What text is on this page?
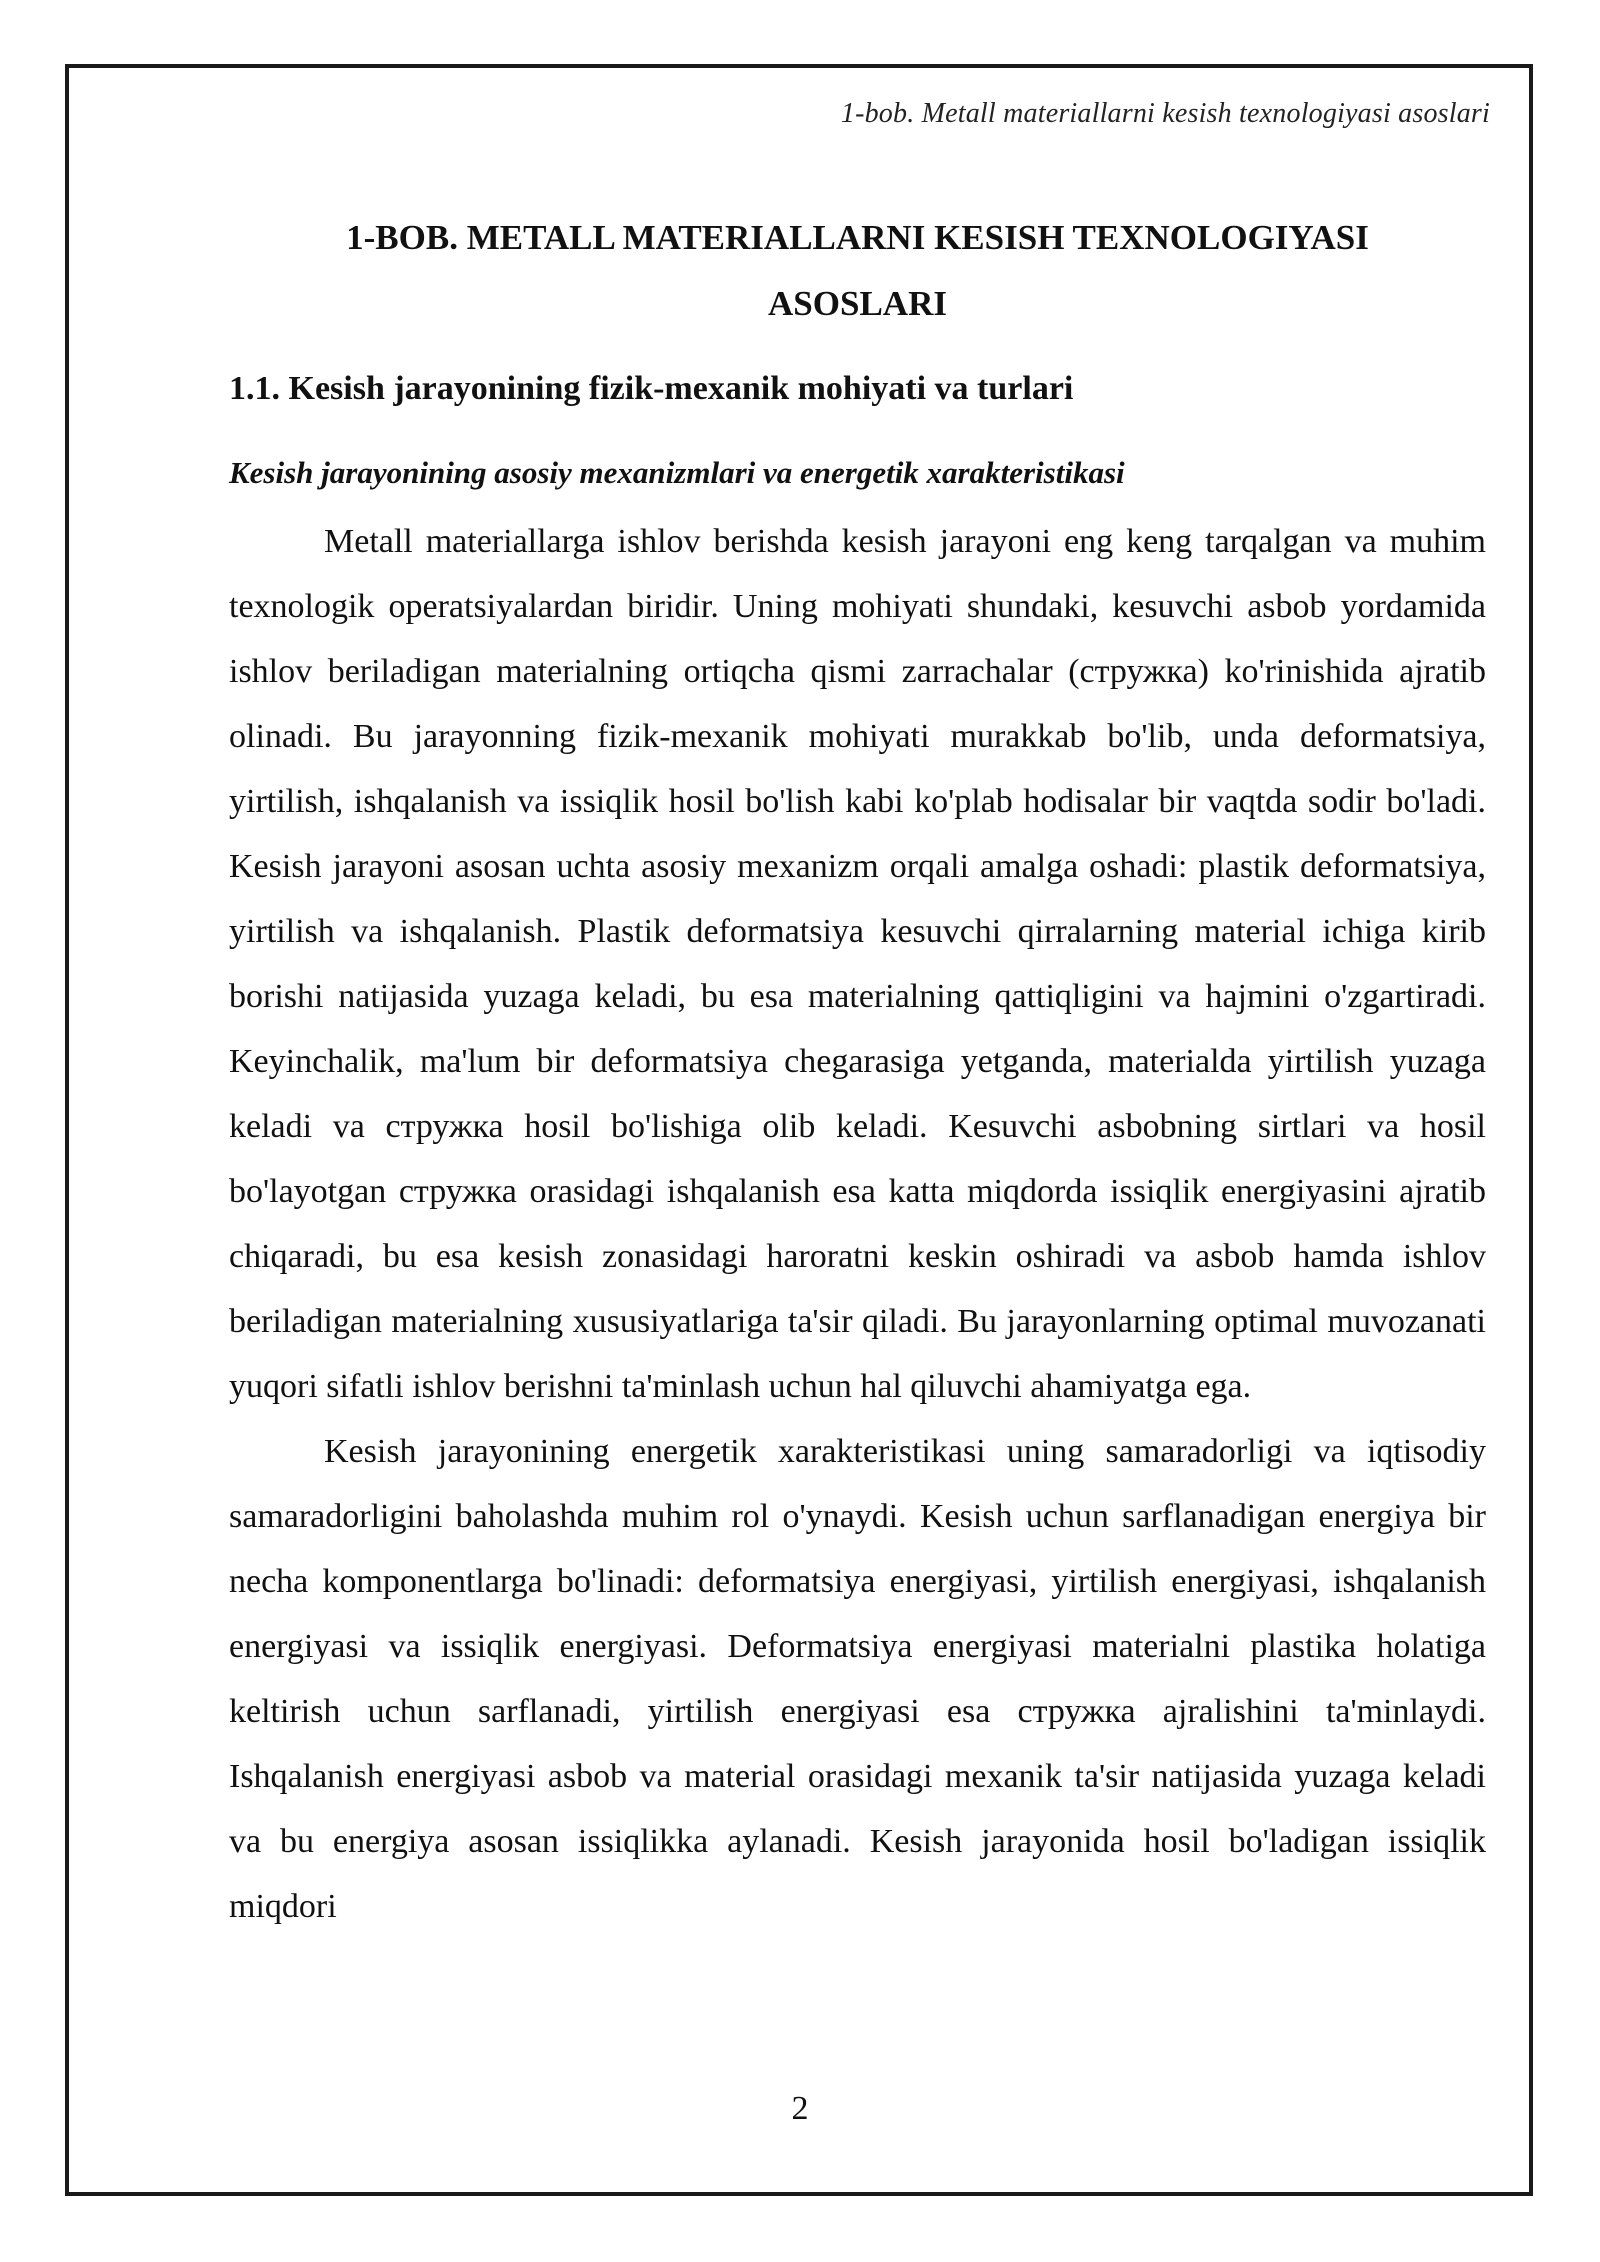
1-bob. Metall materiallarni kesish texnologiyasi asoslari
1-BOB. METALL MATERIALLARNI KESISH TEXNOLOGIYASI ASOSLARI
1.1. Kesish jarayonining fizik-mexanik mohiyati va turlari
Kesish jarayonining asosiy mexanizmlari va energetik xarakteristikasi

Metall materiallarga ishlov berishda kesish jarayoni eng keng tarqalgan va muhim texnologik operatsiyalardan biridir. Uning mohiyati shundaki, kesuvchi asbob yordamida ishlov beriladigan materialning ortiqcha qismi zarrachalar (стружка) ko'rinishida ajratib olinadi. Bu jarayonning fizik-mexanik mohiyati murakkab bo'lib, unda deformatsiya, yirtilish, ishqalanish va issiqlik hosil bo'lish kabi ko'plab hodisalar bir vaqtda sodir bo'ladi. Kesish jarayoni asosan uchta asosiy mexanizm orqali amalga oshadi: plastik deformatsiya, yirtilish va ishqalanish. Plastik deformatsiya kesuvchi qirralarning material ichiga kirib borishi natijasida yuzaga keladi, bu esa materialning qattiqligini va hajmini o'zgartiradi. Keyinchalik, ma'lum bir deformatsiya chegarasiga yetganda, materialda yirtilish yuzaga keladi va стружка hosil bo'lishiga olib keladi. Kesuvchi asbobning sirtlari va hosil bo'layotgan стружка orasidagi ishqalanish esa katta miqdorda issiqlik energiyasini ajratib chiqaradi, bu esa kesish zonasidagi haroratni keskin oshiradi va asbob hamda ishlov beriladigan materialning xususiyatlariga ta'sir qiladi. Bu jarayonlarning optimal muvozanati yuqori sifatli ishlov berishni ta'minlash uchun hal qiluvchi ahamiyatga ega.

Kesish jarayonining energetik xarakteristikasi uning samaradorligi va iqtisodiy samaradorligini baholashda muhim rol o'ynaydi. Kesish uchun sarflanadigan energiya bir necha komponentlarga bo'linadi: deformatsiya energiyasi, yirtilish energiyasi, ishqalanish energiyasi va issiqlik energiyasi. Deformatsiya energiyasi materialni plastika holatiga keltirish uchun sarflanadi, yirtilish energiyasi esa стружка ajralishini ta'minlaydi. Ishqalanish energiyasi asbob va material orasidagi mexanik ta'sir natijasida yuzaga keladi va bu energiya asosan issiqlikka aylanadi. Kesish jarayonida hosil bo'ladigan issiqlik miqdori

2
